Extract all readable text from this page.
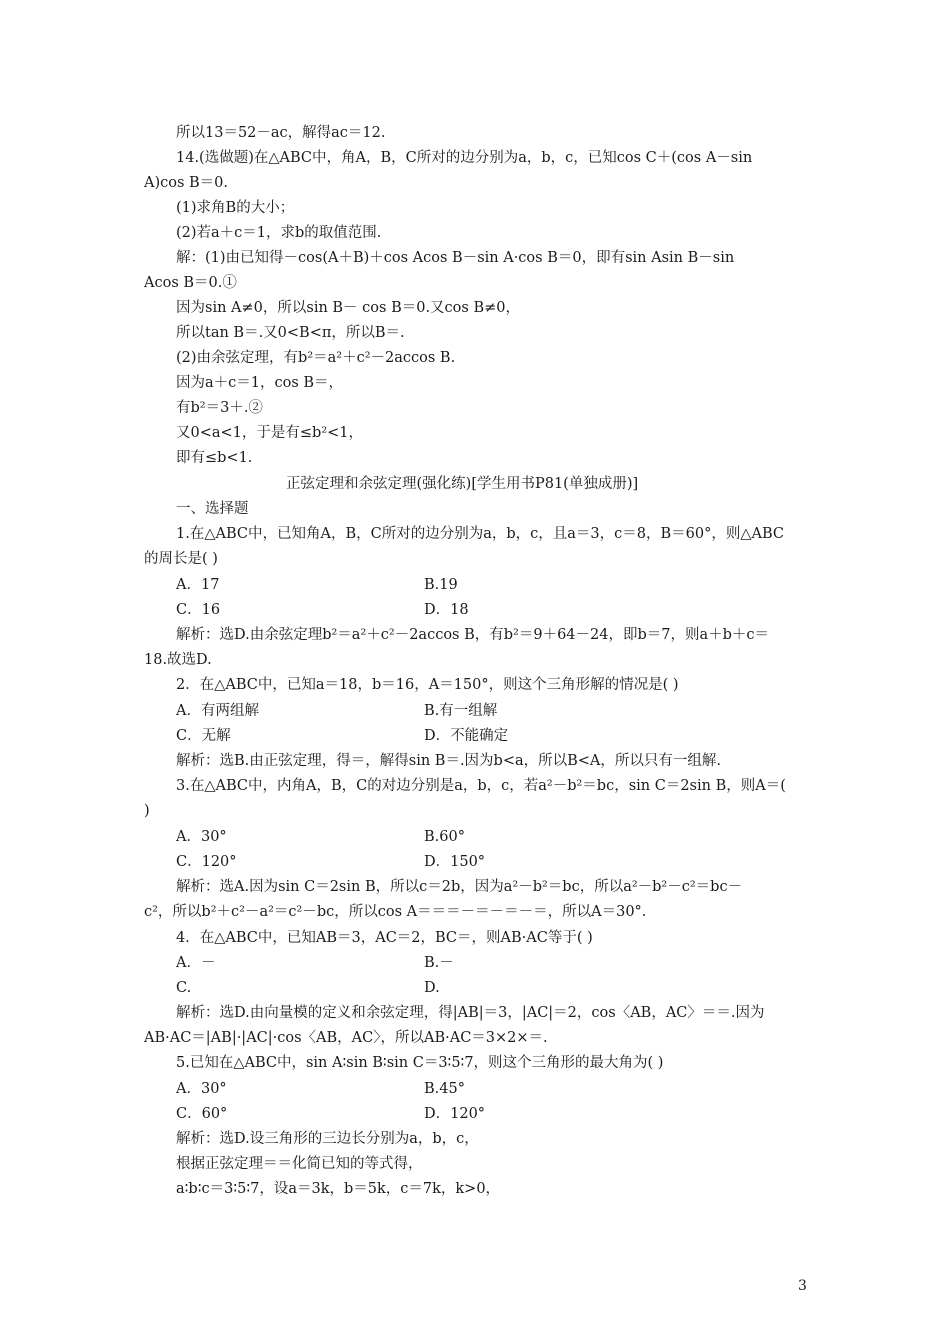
所以13＝52－ac，解得ac＝12.
14.(选做题)在△ABC中，角A，B，C所对的边分别为a，b，c，已知cos C＋(cos A－sin
A)cos B＝0.
(1)求角B的大小；
(2)若a＋c＝1，求b的取值范围.
解：(1)由已知得－cos(A＋B)＋cos Acos B－sin A·cos B＝0，即有sin Asin B－sin
Acos B＝0.①
因为sin A≠0，所以sin B－ cos B＝0.又cos B≠0，
所以tan B＝.又0<B<π，所以B＝.
(2)由余弦定理，有b²＝a²＋c²－2accos B.
因为a＋c＝1，cos B＝，
有b²＝3＋.②
又0<a<1，于是有≤b²<1，
即有≤b<1.
正弦定理和余弦定理(强化练)[学生用书P81(单独成册)]
一、选择题
1.在△ABC中，已知角A，B，C所对的边分别为a，b，c，且a＝3，c＝8，B＝60°，则△ABC
的周长是( )
A．17	B.19
C．16	D．18
解析：选D.由余弦定理b²＝a²＋c²－2accos B，有b²＝9＋64－24，即b＝7，则a＋b＋c＝
18.故选D.
2．在△ABC中，已知a＝18，b＝16，A＝150°，则这个三角形解的情况是( )
A．有两组解	B.有一组解
C．无解	D．不能确定
解析：选B.由正弦定理，得＝，解得sin B＝.因为b<a，所以B<A，所以只有一组解.
3.在△ABC中，内角A，B，C的对边分别是a，b，c，若a²－b²＝bc，sin C＝2sin B，则A＝(
)
A．30°	B.60°
C．120°	D．150°
解析：选A.因为sin C＝2sin B，所以c＝2b，因为a²－b²＝bc，所以a²－b²－c²＝bc－
c²，所以b²＋c²－a²＝c²－bc，所以cos A＝＝＝－＝－＝－＝，所以A＝30°.
4．在△ABC中，已知AB＝3，AC＝2，BC＝，则AB·AC等于( )
A．－	B.－
C.	D.
解析：选D.由向量模的定义和余弦定理，得|AB|＝3，|AC|＝2，cos〈AB，AC〉＝＝.因为
AB·AC＝|AB|·|AC|·cos〈AB，AC〉，所以AB·AC＝3×2×＝.
5.已知在△ABC中，sin A∶sin B∶sin C＝3∶5∶7，则这个三角形的最大角为( )
A．30°	B.45°
C．60°	D．120°
解析：选D.设三角形的三边长分别为a，b，c，
根据正弦定理＝＝化简已知的等式得，
a∶b∶c＝3∶5∶7，设a＝3k，b＝5k，c＝7k，k>0，
3
